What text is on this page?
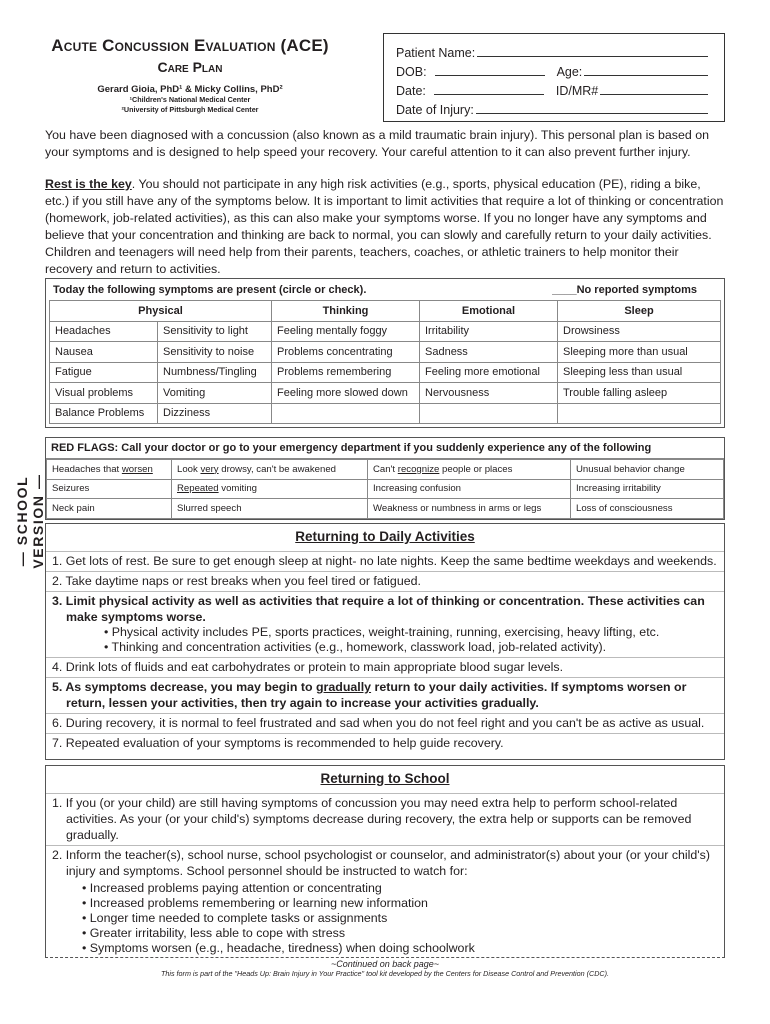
Acute Concussion Evaluation (ACE)
Care Plan
Gerard Gioia, PhD¹ & Micky Collins, PhD²
¹Children's National Medical Center
²University of Pittsburgh Medical Center
Patient Name:
DOB:	Age:
Date:	ID/MR#
Date of Injury:
— SCHOOL VERSION —
You have been diagnosed with a concussion (also known as a mild traumatic brain injury). This personal plan is based on your symptoms and is designed to help speed your recovery. Your careful attention to it can also prevent further injury.
Rest is the key. You should not participate in any high risk activities (e.g., sports, physical education (PE), riding a bike, etc.) if you still have any of the symptoms below. It is important to limit activities that require a lot of thinking or concentration (homework, job-related activities), as this can also make your symptoms worse. If you no longer have any symptoms and believe that your concentration and thinking are back to normal, you can slowly and carefully return to your daily activities. Children and teenagers will need help from their parents, teachers, coaches, or athletic trainers to help monitor their recovery and return to activities.
Today the following symptoms are present (circle or check).	____No reported symptoms
Physical		Thinking	Emotional	Sleep
Headaches	Sensitivity to light	Feeling mentally foggy	Irritability	Drowsiness
Nausea	Sensitivity to noise	Problems concentrating	Sadness	Sleeping more than usual
Fatigue	Numbness/Tingling	Problems remembering	Feeling more emotional	Sleeping less than usual
Visual problems	Vomiting	Feeling more slowed down	Nervousness	Trouble falling asleep
Balance Problems	Dizziness			
RED FLAGS: Call your doctor or go to your emergency department if you suddenly experience any of the following
Headaches that worsen	Look very drowsy, can't be awakened	Can't recognize people or places	Unusual behavior change
Seizures	Repeated vomiting	Increasing confusion	Increasing irritability
Neck pain	Slurred speech	Weakness or numbness in arms or legs	Loss of consciousness
Returning to Daily Activities
1. Get lots of rest. Be sure to get enough sleep at night- no late nights. Keep the same bedtime weekdays and weekends.
2. Take daytime naps or rest breaks when you feel tired or fatigued.
3. Limit physical activity as well as activities that require a lot of thinking or concentration. These activities can make symptoms worse.
• Physical activity includes PE, sports practices, weight-training, running, exercising, heavy lifting, etc.
• Thinking and concentration activities (e.g., homework, classwork load, job-related activity).
4. Drink lots of fluids and eat carbohydrates or protein to main appropriate blood sugar levels.
5. As symptoms decrease, you may begin to gradually return to your daily activities. If symptoms worsen or return, lessen your activities, then try again to increase your activities gradually.
6. During recovery, it is normal to feel frustrated and sad when you do not feel right and you can't be as active as usual.
7. Repeated evaluation of your symptoms is recommended to help guide recovery.
Returning to School
1. If you (or your child) are still having symptoms of concussion you may need extra help to perform school-related activities. As your (or your child's) symptoms decrease during recovery, the extra help or supports can be removed gradually.
2. Inform the teacher(s), school nurse, school psychologist or counselor, and administrator(s) about your (or your child's) injury and symptoms. School personnel should be instructed to watch for:
• Increased problems paying attention or concentrating
• Increased problems remembering or learning new information
• Longer time needed to complete tasks or assignments
• Greater irritability, less able to cope with stress
• Symptoms worsen (e.g., headache, tiredness) when doing schoolwork
~Continued on back page~
This form is part of the "Heads Up: Brain Injury in Your Practice" tool kit developed by the Centers for Disease Control and Prevention (CDC).
